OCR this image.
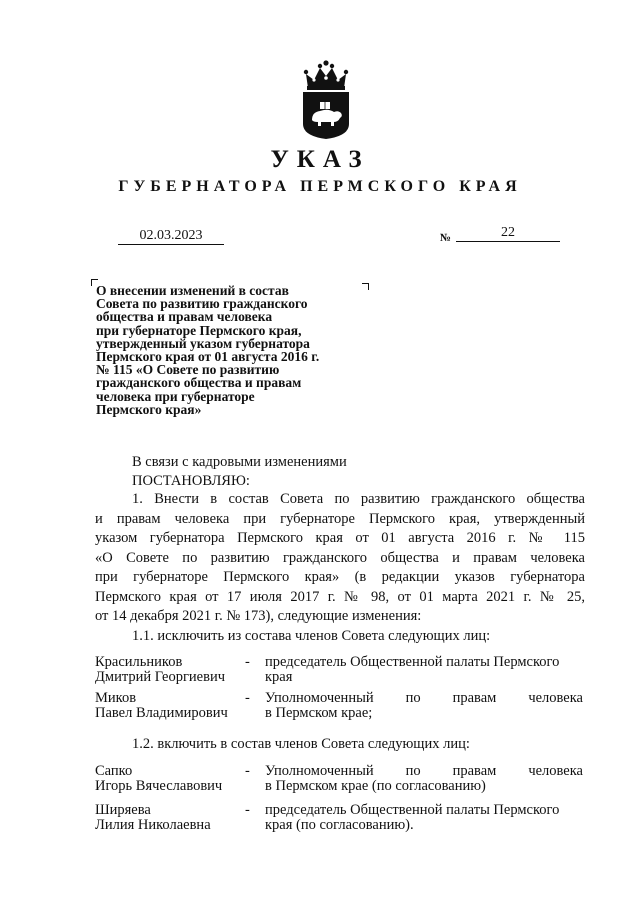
УКАЗ
ГУБЕРНАТОРА ПЕРМСКОГО КРАЯ
02.03.2023	№	22
О внесении изменений в состав
Совета по развитию гражданского
общества и правам человека
при губернаторе Пермского края,
утвержденный указом губернатора
Пермского края от 01 августа 2016 г.
№ 115 «О Совете по развитию
гражданского общества и правам
человека при губернаторе
Пермского края»
В связи с кадровыми изменениями
ПОСТАНОВЛЯЮ:
1. Внести в состав Совета по развитию гражданского общества
и правам человека при губернаторе Пермского края, утвержденный
указом губернатора Пермского края от 01 августа 2016 г. № 115
«О Совете по развитию гражданского общества и правам человека
при губернаторе Пермского края» (в редакции указов губернатора
Пермского края от 17 июля 2017 г. № 98, от 01 марта 2021 г. № 25,
от 14 декабря 2021 г. № 173), следующие изменения:
1.1. исключить из состава членов Совета следующих лиц:
Красильников
Дмитрий Георгиевич
- председатель Общественной палаты Пермского
края
Миков
Павел Владимирович
- Уполномоченный по правам человека
в Пермском крае;
1.2. включить в состав членов Совета следующих лиц:
Сапко
Игорь Вячеславович
- Уполномоченный по правам человека
в Пермском крае (по согласованию)
Ширяева
Лилия Николаевна
- председатель Общественной палаты Пермского
края (по согласованию).
